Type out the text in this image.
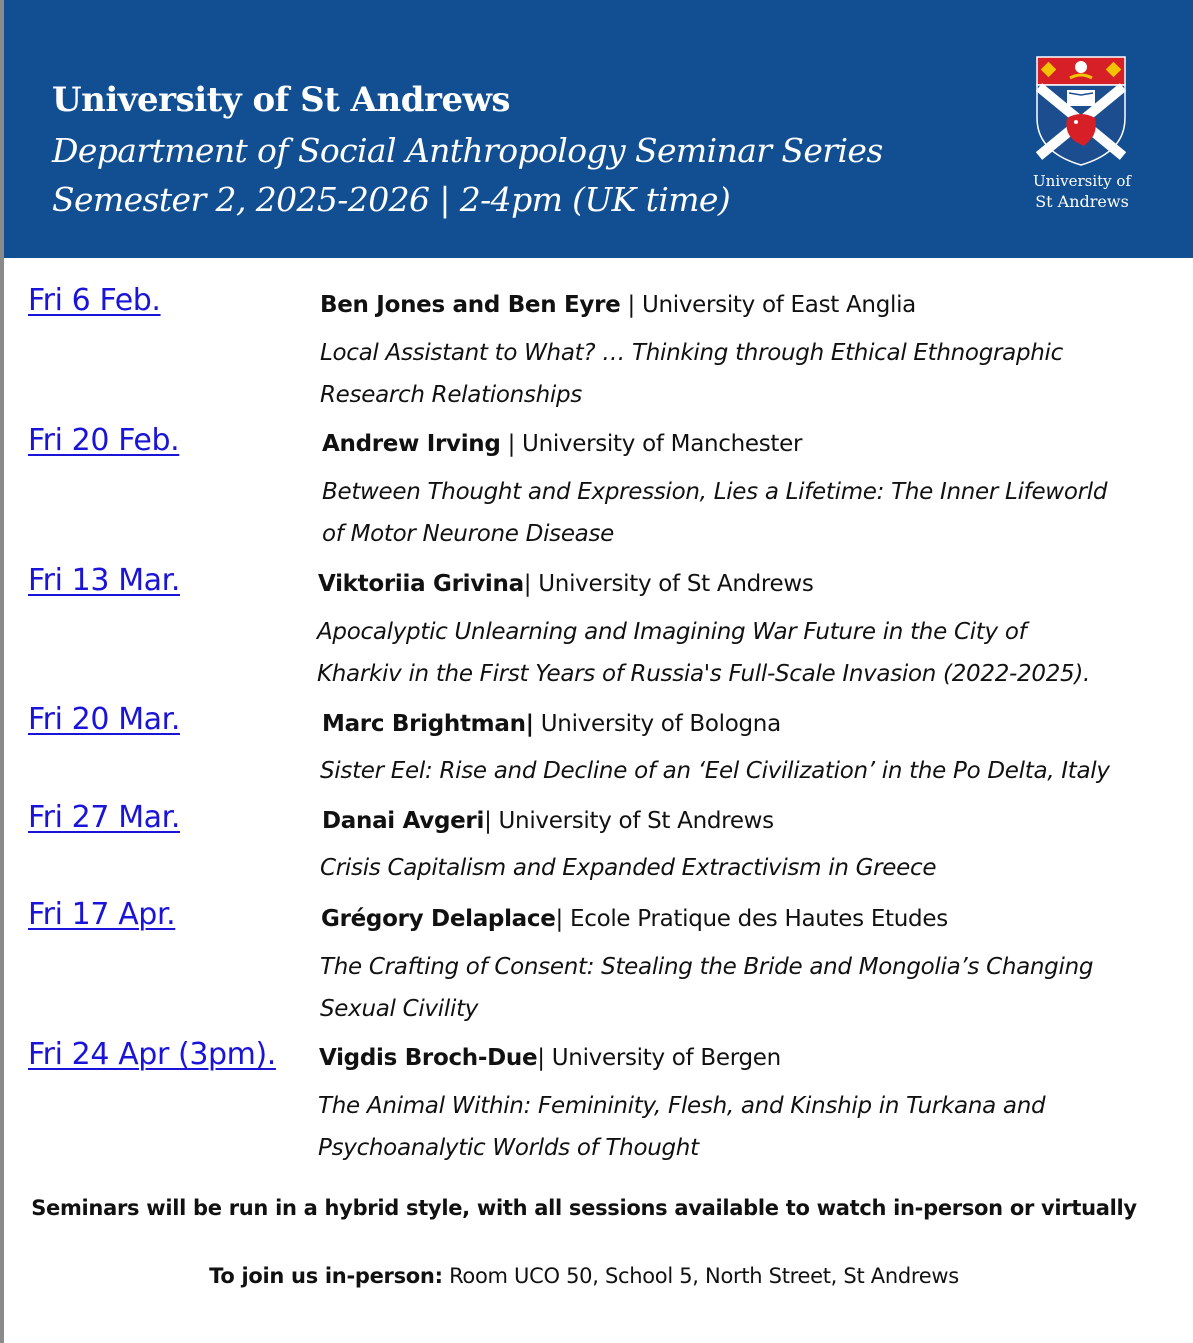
University of St Andrews
Department of Social Anthropology Seminar Series
Semester 2, 2025-2026 | 2-4pm (UK time)	University of
St Andrews
Fri 6 Feb.	Ben Jones and Ben Eyre | University of East Anglia
Local Assistant to What? … Thinking through Ethical Ethnographic
Research Relationships
Fri 20 Feb.	Andrew Irving | University of Manchester
Between Thought and Expression, Lies a Lifetime: The Inner Lifeworld
of Motor Neurone Disease
Fri 13 Mar.	Viktoriia Grivina| University of St Andrews
Apocalyptic Unlearning and Imagining War Future in the City of
Kharkiv in the First Years of Russia's Full-Scale Invasion (2022-2025).
Fri 20 Mar.	Marc Brightman| University of Bologna
Sister Eel: Rise and Decline of an ‘Eel Civilization’ in the Po Delta, Italy
Fri 27 Mar.	Danai Avgeri| University of St Andrews
Crisis Capitalism and Expanded Extractivism in Greece
Fri 17 Apr.	Grégory Delaplace| Ecole Pratique des Hautes Etudes
The Crafting of Consent: Stealing the Bride and Mongolia’s Changing
Sexual Civility
Fri 24 Apr (3pm). Vigdis Broch-Due| University of Bergen
The Animal Within: Femininity, Flesh, and Kinship in Turkana and
Psychoanalytic Worlds of Thought
Seminars will be run in a hybrid style, with all sessions available to watch in-person or virtually
To join us in-person: Room UCO 50, School 5, North Street, St Andrews
